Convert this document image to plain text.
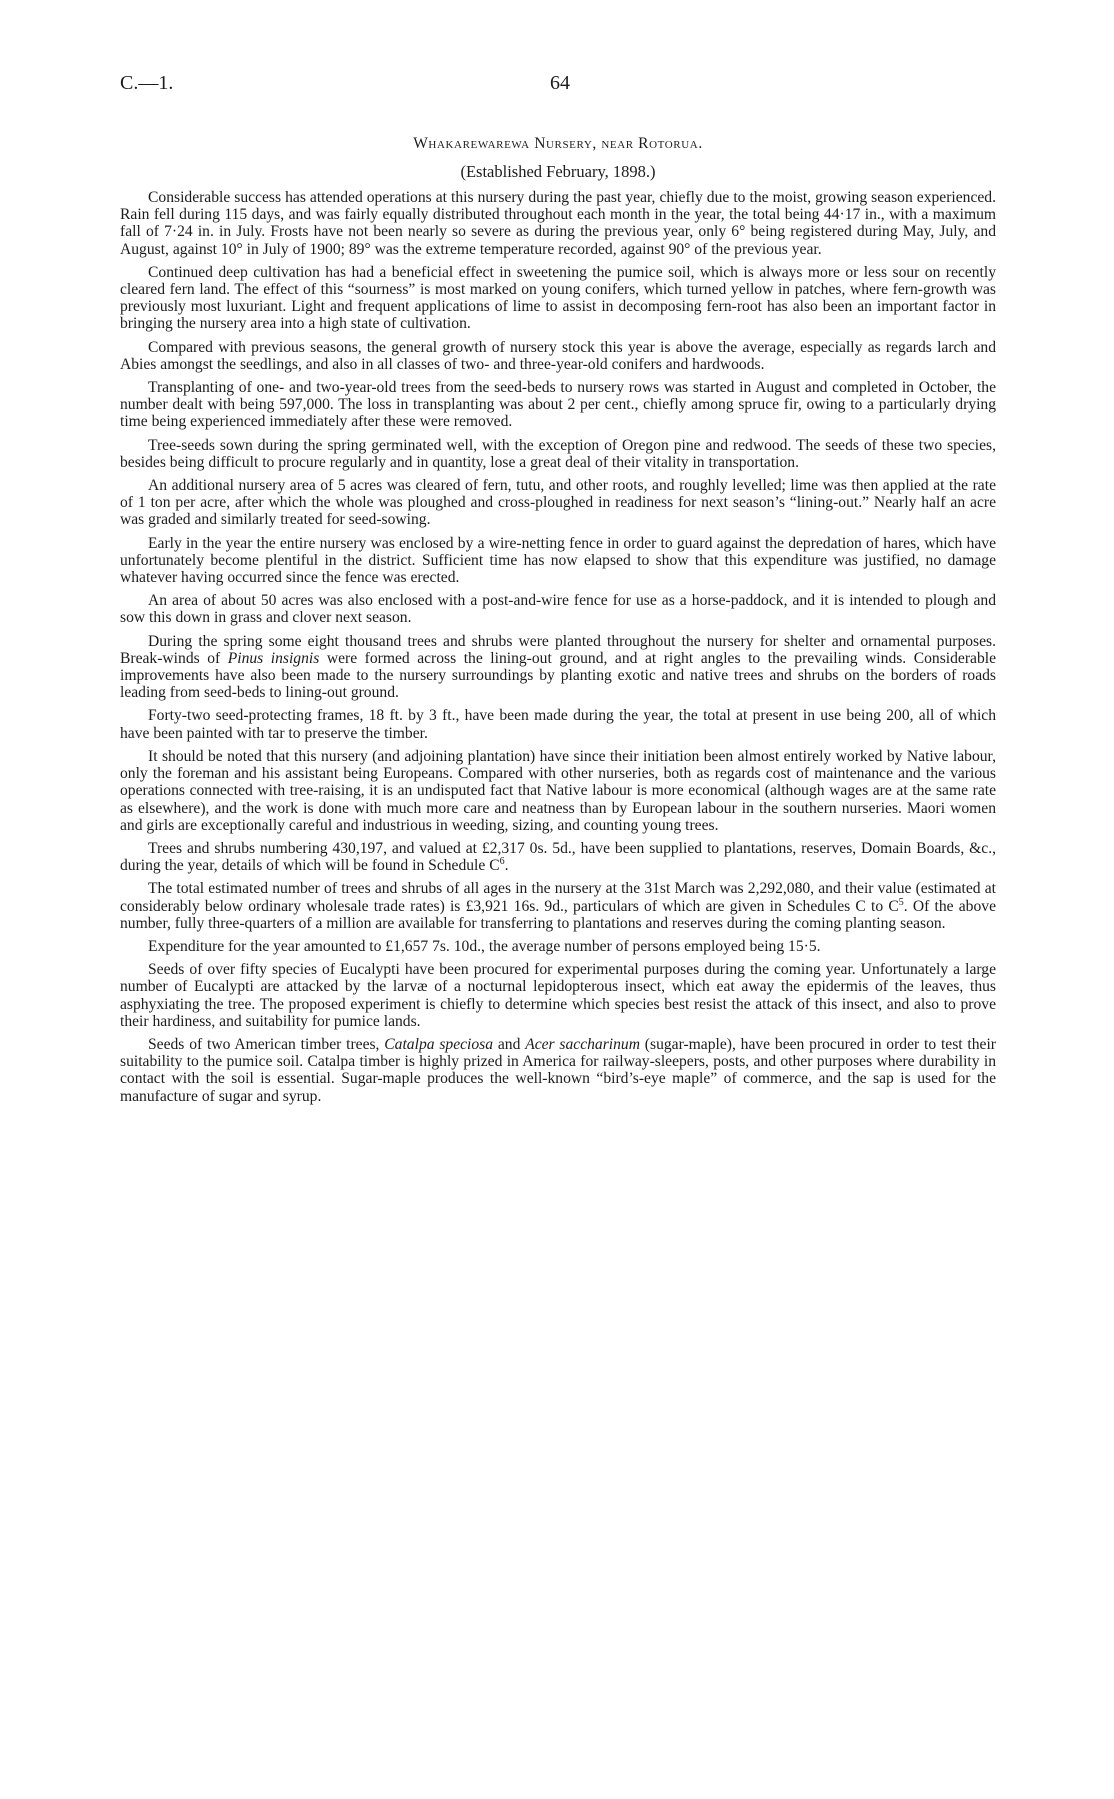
C.—1.	64
Whakarewarewa Nursery, near Rotorua.
(Established February, 1898.)

Considerable success has attended operations at this nursery during the past year, chiefly due to the moist, growing season experienced. Rain fell during 115 days, and was fairly equally distributed throughout each month in the year, the total being 44·17 in., with a maximum fall of 7·24 in. in July. Frosts have not been nearly so severe as during the previous year, only 6° being registered during May, July, and August, against 10° in July of 1900; 89° was the extreme temperature recorded, against 90° of the previous year.

Continued deep cultivation has had a beneficial effect in sweetening the pumice soil, which is always more or less sour on recently cleared fern land. The effect of this “sourness” is most marked on young conifers, which turned yellow in patches, where fern-growth was previously most luxuriant. Light and frequent applications of lime to assist in decomposing fern-root has also been an important factor in bringing the nursery area into a high state of cultivation.

Compared with previous seasons, the general growth of nursery stock this year is above the average, especially as regards larch and Abies amongst the seedlings, and also in all classes of two- and three-year-old conifers and hardwoods.

Transplanting of one- and two-year-old trees from the seed-beds to nursery rows was started in August and completed in October, the number dealt with being 597,000. The loss in transplanting was about 2 per cent., chiefly among spruce fir, owing to a particularly drying time being experienced immediately after these were removed.

Tree-seeds sown during the spring germinated well, with the exception of Oregon pine and redwood. The seeds of these two species, besides being difficult to procure regularly and in quantity, lose a great deal of their vitality in transportation.

An additional nursery area of 5 acres was cleared of fern, tutu, and other roots, and roughly levelled; lime was then applied at the rate of 1 ton per acre, after which the whole was ploughed and cross-ploughed in readiness for next season’s “lining-out.” Nearly half an acre was graded and similarly treated for seed-sowing.

Early in the year the entire nursery was enclosed by a wire-netting fence in order to guard against the depredation of hares, which have unfortunately become plentiful in the district. Sufficient time has now elapsed to show that this expenditure was justified, no damage whatever having occurred since the fence was erected.

An area of about 50 acres was also enclosed with a post-and-wire fence for use as a horse-paddock, and it is intended to plough and sow this down in grass and clover next season.

During the spring some eight thousand trees and shrubs were planted throughout the nursery for shelter and ornamental purposes. Break-winds of Pinus insignis were formed across the lining-out ground, and at right angles to the prevailing winds. Considerable improvements have also been made to the nursery surroundings by planting exotic and native trees and shrubs on the borders of roads leading from seed-beds to lining-out ground.

Forty-two seed-protecting frames, 18 ft. by 3 ft., have been made during the year, the total at present in use being 200, all of which have been painted with tar to preserve the timber.

It should be noted that this nursery (and adjoining plantation) have since their initiation been almost entirely worked by Native labour, only the foreman and his assistant being Europeans. Compared with other nurseries, both as regards cost of maintenance and the various operations connected with tree-raising, it is an undisputed fact that Native labour is more economical (although wages are at the same rate as elsewhere), and the work is done with much more care and neatness than by European labour in the southern nurseries. Maori women and girls are exceptionally careful and industrious in weeding, sizing, and counting young trees.

Trees and shrubs numbering 430,197, and valued at £2,317 0s. 5d., have been supplied to plantations, reserves, Domain Boards, &c., during the year, details of which will be found in Schedule $C^6$.

The total estimated number of trees and shrubs of all ages in the nursery at the 31st March was 2,292,080, and their value (estimated at considerably below ordinary wholesale trade rates) is £3,921 16s. 9d., particulars of which are given in Schedules C to $C^5$. Of the above number, fully three-quarters of a million are available for transferring to plantations and reserves during the coming planting season.

Expenditure for the year amounted to £1,657 7s. 10d., the average number of persons employed being 15·5.

Seeds of over fifty species of Eucalypti have been procured for experimental purposes during the coming year. Unfortunately a large number of Eucalypti are attacked by the larvæ of a nocturnal lepidopterous insect, which eat away the epidermis of the leaves, thus asphyxiating the tree. The proposed experiment is chiefly to determine which species best resist the attack of this insect, and also to prove their hardiness, and suitability for pumice lands.

Seeds of two American timber trees, Catalpa speciosa and Acer saccharinum (sugar-maple), have been procured in order to test their suitability to the pumice soil. Catalpa timber is highly prized in America for railway-sleepers, posts, and other purposes where durability in contact with the soil is essential. Sugar-maple produces the well-known “bird’s-eye maple” of commerce, and the sap is used for the manufacture of sugar and syrup.
